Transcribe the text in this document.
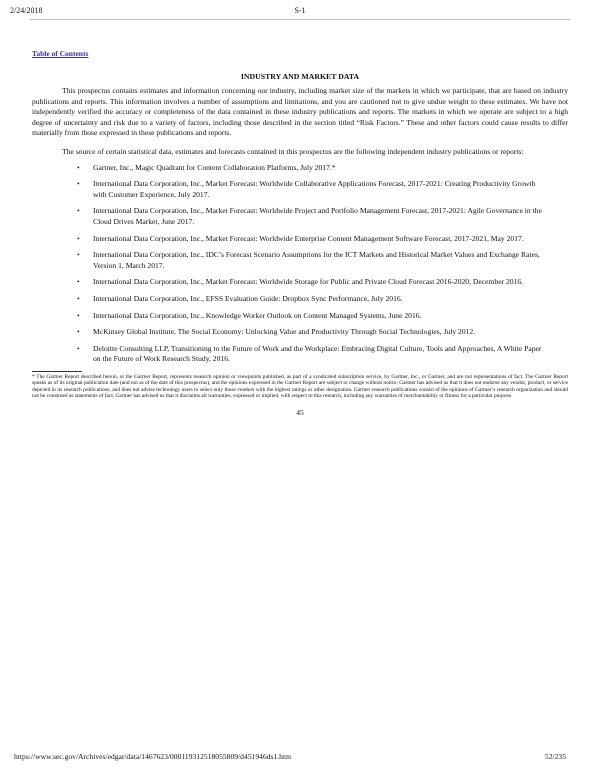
2/24/2018	S-1
Table of Contents
INDUSTRY AND MARKET DATA

This prospectus contains estimates and information concerning our industry, including market size of the markets in which we participate, that are based on industry publications and reports. This information involves a number of assumptions and limitations, and you are cautioned not to give undue weight to these estimates. We have not independently verified the accuracy or completeness of the data contained in these industry publications and reports. The markets in which we operate are subject to a high degree of uncertainty and risk due to a variety of factors, including those described in the section titled “Risk Factors.” These and other factors could cause results to differ materially from those expressed in these publications and reports.

The source of certain statistical data, estimates and forecasts contained in this prospectus are the following independent industry publications or reports:

• Gartner, Inc., Magic Quadrant for Content Collaboration Platforms, July 2017.*
• International Data Corporation, Inc., Market Forecast: Worldwide Collaborative Applications Forecast, 2017-2021: Creating Productivity Growth with Customer Experience, July 2017.
• International Data Corporation, Inc., Market Forecast: Worldwide Project and Portfolio Management Forecast, 2017-2021: Agile Governance in the Cloud Drives Market, June 2017.
• International Data Corporation, Inc., Market Forecast: Worldwide Enterprise Content Management Software Forecast, 2017-2021, May 2017.
• International Data Corporation, Inc., IDC’s Forecast Scenario Assumptions for the ICT Markets and Historical Market Values and Exchange Rates, Version 1, March 2017.
• International Data Corporation, Inc., Market Forecast: Worldwide Storage for Public and Private Cloud Forecast 2016-2020, December 2016.
• International Data Corporation, Inc., EFSS Evaluation Guide: Dropbox Sync Performance, July 2016.
• International Data Corporation, Inc., Knowledge Worker Outlook on Content Managed Systems, June 2016.
• McKinsey Global Institute, The Social Economy: Unlocking Value and Productivity Through Social Technologies, July 2012.
• Deloitte Consulting LLP, Transitioning to the Future of Work and the Workplace: Embracing Digital Culture, Tools and Approaches, A White Paper on the Future of Work Research Study, 2016.
* The Gartner Report described herein, or the Gartner Report, represents research opinion or viewpoints published, as part of a syndicated subscription service, by Gartner, Inc., or Gartner, and are not representations of fact. The Gartner Report speaks as of its original publication date (and not as of the date of this prospectus), and the opinions expressed in the Gartner Report are subject to change without notice. Gartner has advised us that it does not endorse any vendor, product, or service depicted in its research publications, and does not advise technology users to select only those vendors with the highest ratings or other designation. Gartner research publications consist of the opinions of Gartner’s research organization and should not be construed as statements of fact. Gartner has advised us that it disclaims all warranties, expressed or implied, with respect to this research, including any warranties of merchantability or fitness for a particular purpose.
45
https://www.sec.gov/Archives/edgar/data/1467623/000119312518055809/d451946ds1.htm	52/235
